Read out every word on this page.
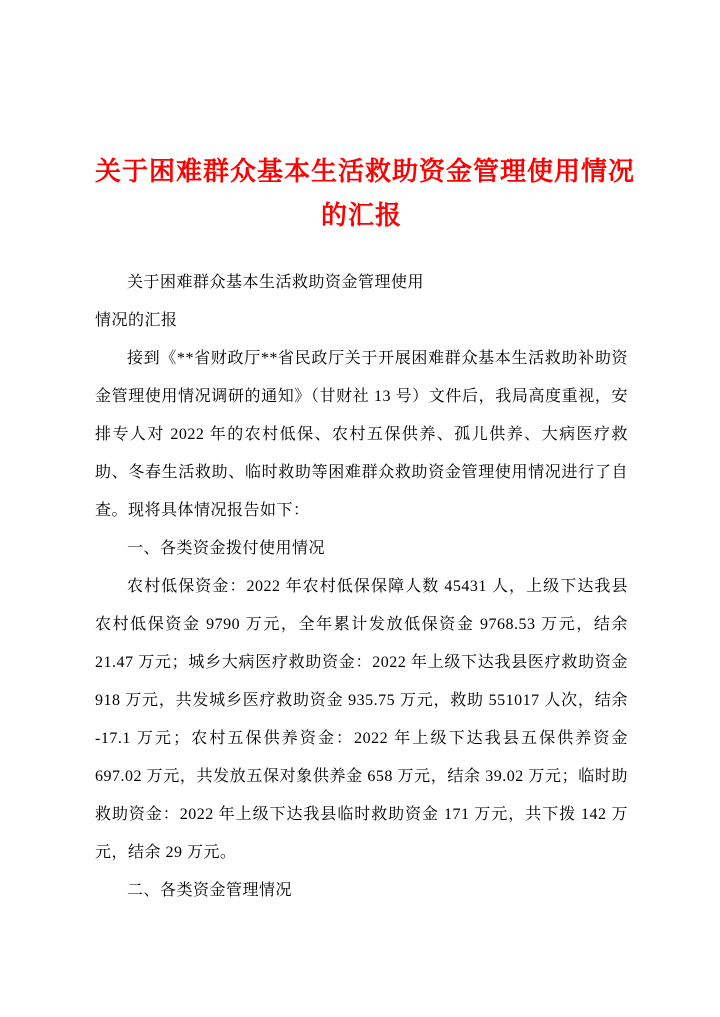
关于困难群众基本生活救助资金管理使用情况
的汇报

关于困难群众基本生活救助资金管理使用

情况的汇报

接到《**省财政厅**省民政厅关于开展困难群众基本生活救助补助资金管理使用情况调研的通知》（甘财社 13 号）文件后，我局高度重视，安排专人对 2022 年的农村低保、农村五保供养、孤儿供养、大病医疗救助、冬春生活救助、临时救助等困难群众救助资金管理使用情况进行了自查。现将具体情况报告如下：

一、各类资金拨付使用情况

农村低保资金：2022 年农村低保保障人数 45431 人，上级下达我县农村低保资金 9790 万元，全年累计发放低保资金 9768.53 万元，结余 21.47 万元；城乡大病医疗救助资金：2022 年上级下达我县医疗救助资金 918 万元，共发城乡医疗救助资金 935.75 万元，救助 551017 人次，结余 -17.1 万元；农村五保供养资金：2022 年上级下达我县五保供养资金 697.02 万元，共发放五保对象供养金 658 万元，结余 39.02 万元；临时助救助资金：2022 年上级下达我县临时救助资金 171 万元，共下拨 142 万元，结余 29 万元。

二、各类资金管理情况
